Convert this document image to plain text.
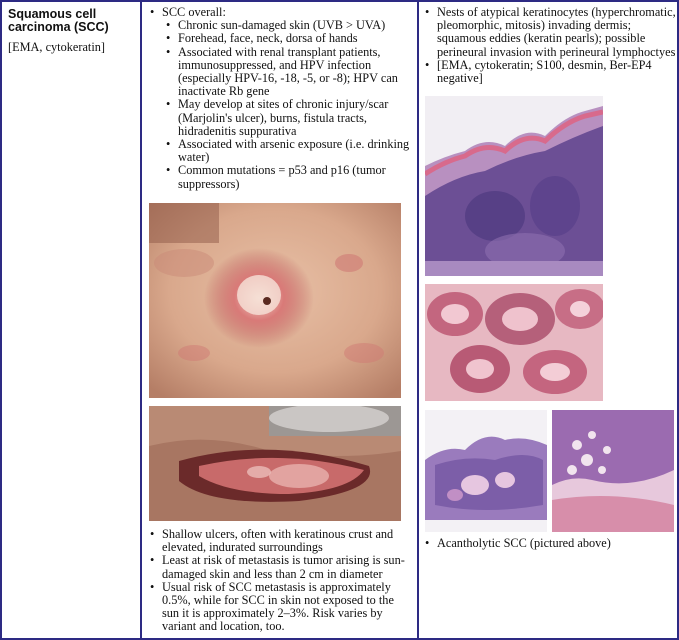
Squamous cell carcinoma (SCC)
[EMA, cytokeratin]
• SCC overall:
• Chronic sun-damaged skin (UVB > UVA)
• Forehead, face, neck, dorsa of hands
• Associated with renal transplant patients, immunosuppressed, and HPV infection (especially HPV-16, -18, -5, or -8); HPV can inactivate Rb gene
• May develop at sites of chronic injury/scar (Marjolin's ulcer), burns, fistula tracts, hidradenitis suppurativa
• Associated with arsenic exposure (i.e. drinking water)
• Common mutations = p53 and p16 (tumor suppressors)
• Shallow ulcers, often with keratinous crust and elevated, indurated surroundings
• Least at risk of metastasis is tumor arising is sun-damaged skin and less than 2 cm in diameter
• Usual risk of SCC metastasis is approximately 0.5%, while for SCC in skin not exposed to the sun it is approximately 2–3%. Risk varies by variant and location, too.
• Nests of atypical keratinocytes (hyperchromatic, pleomorphic, mitosis) invading dermis; squamous eddies (keratin pearls); possible perineural invasion with perineural lymphoctyes
• [EMA, cytokeratin; S100, desmin, Ber-EP4 negative]
• Acantholytic SCC (pictured above)
